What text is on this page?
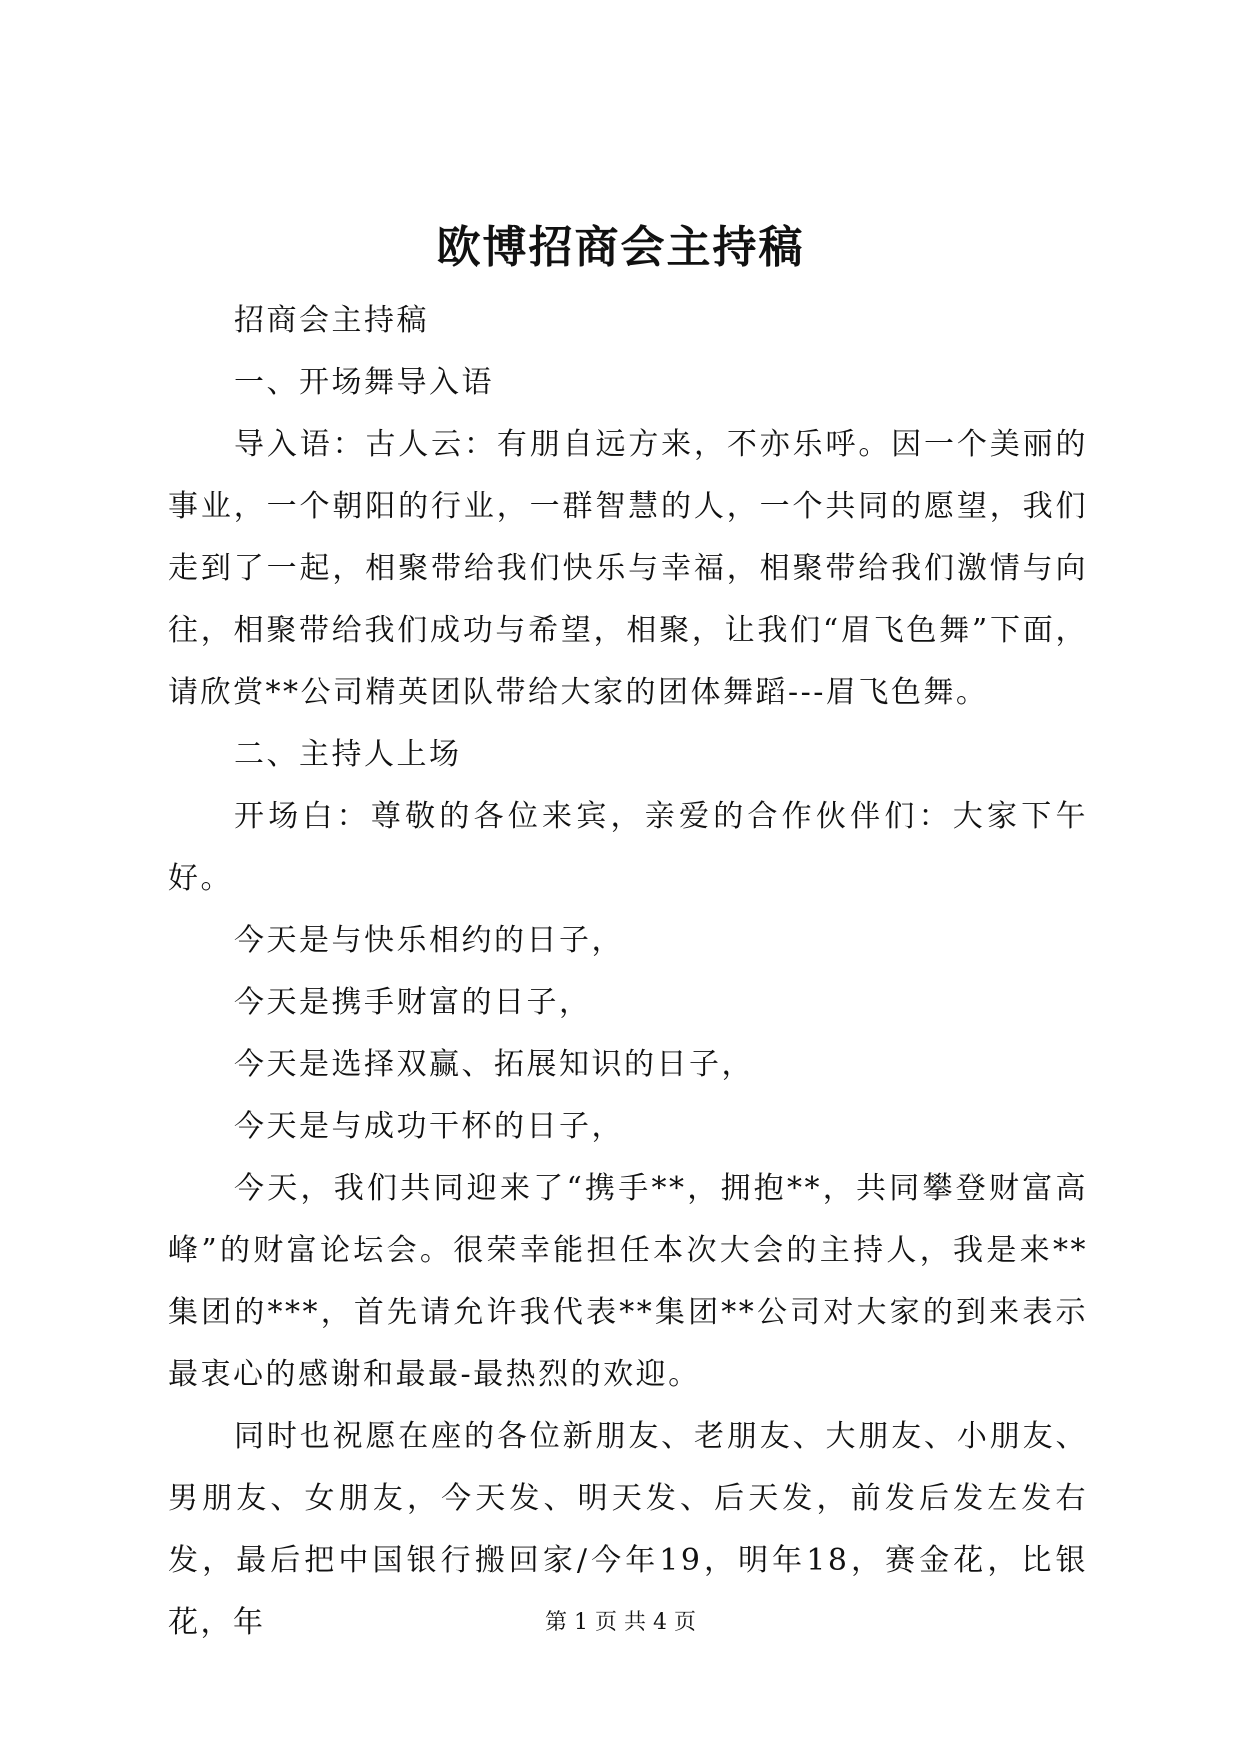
欧博招商会主持稿

招商会主持稿

一、开场舞导入语

导入语：古人云：有朋自远方来，不亦乐呼。因一个美丽的事业，一个朝阳的行业，一群智慧的人，一个共同的愿望，我们走到了一起，相聚带给我们快乐与幸福，相聚带给我们激情与向往，相聚带给我们成功与希望，相聚，让我们“眉飞色舞”下面，请欣赏**公司精英团队带给大家的团体舞蹈---眉飞色舞。

二、主持人上场

开场白：尊敬的各位来宾，亲爱的合作伙伴们：大家下午好。

今天是与快乐相约的日子，

今天是携手财富的日子，

今天是选择双赢、拓展知识的日子，

今天是与成功干杯的日子，

今天，我们共同迎来了“携手**，拥抱**，共同攀登财富高峰”的财富论坛会。很荣幸能担任本次大会的主持人，我是来**集团的***，首先请允许我代表**集团**公司对大家的到来表示最衷心的感谢和最最-最热烈的欢迎。

同时也祝愿在座的各位新朋友、老朋友、大朋友、小朋友、男朋友、女朋友，今天发、明天发、后天发，前发后发左发右发，最后把中国银行搬回家/今年19，明年18，赛金花，比银花，年	第 1 页 共 4 页
